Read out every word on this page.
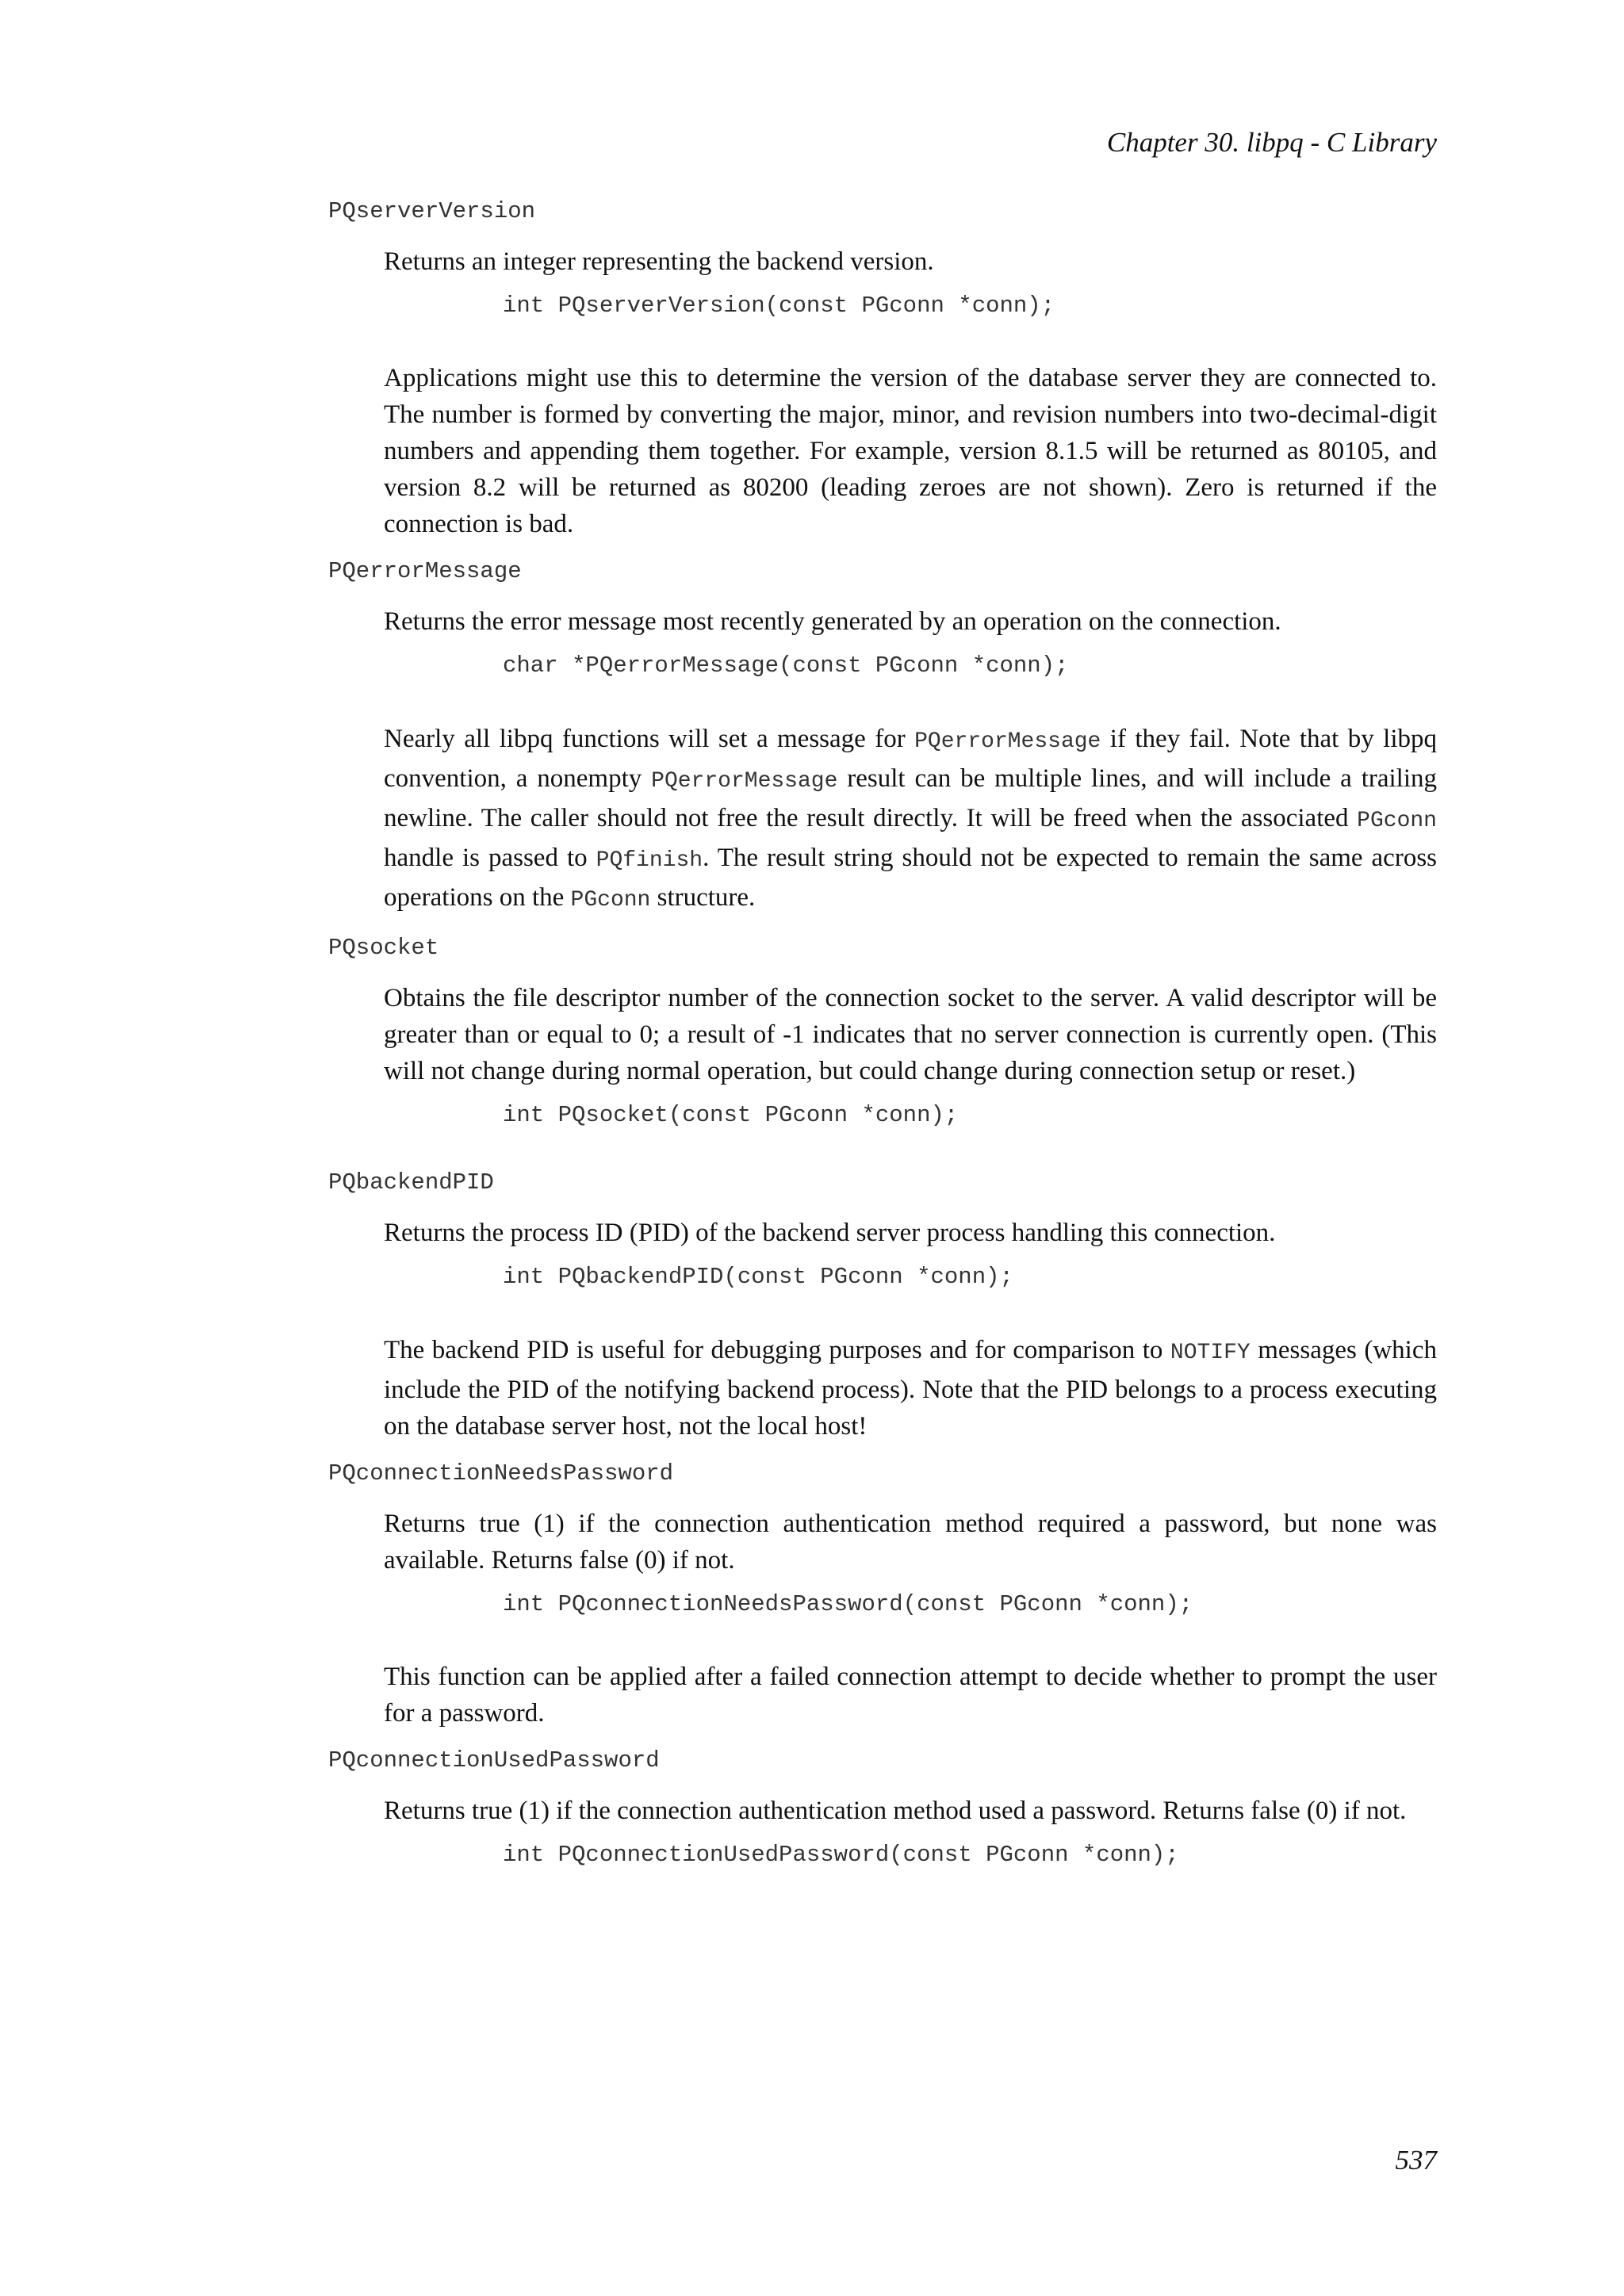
Chapter 30. libpq - C Library
PQserverVersion

Returns an integer representing the backend version.

int PQserverVersion(const PGconn *conn);

Applications might use this to determine the version of the database server they are connected to. The number is formed by converting the major, minor, and revision numbers into two-decimal-digit numbers and appending them together. For example, version 8.1.5 will be returned as 80105, and version 8.2 will be returned as 80200 (leading zeroes are not shown). Zero is returned if the connection is bad.

PQerrorMessage

Returns the error message most recently generated by an operation on the connection.

char *PQerrorMessage(const PGconn *conn);

Nearly all libpq functions will set a message for PQerrorMessage if they fail. Note that by libpq convention, a nonempty PQerrorMessage result can be multiple lines, and will include a trailing newline. The caller should not free the result directly. It will be freed when the associated PGconn handle is passed to PQfinish. The result string should not be expected to remain the same across operations on the PGconn structure.

PQsocket

Obtains the file descriptor number of the connection socket to the server. A valid descriptor will be greater than or equal to 0; a result of -1 indicates that no server connection is currently open. (This will not change during normal operation, but could change during connection setup or reset.)

int PQsocket(const PGconn *conn);
PQbackendPID

Returns the process ID (PID) of the backend server process handling this connection.

int PQbackendPID(const PGconn *conn);

The backend PID is useful for debugging purposes and for comparison to NOTIFY messages (which include the PID of the notifying backend process). Note that the PID belongs to a process executing on the database server host, not the local host!

PQconnectionNeedsPassword

Returns true (1) if the connection authentication method required a password, but none was available. Returns false (0) if not.

int PQconnectionNeedsPassword(const PGconn *conn);

This function can be applied after a failed connection attempt to decide whether to prompt the user for a password.

PQconnectionUsedPassword

Returns true (1) if the connection authentication method used a password. Returns false (0) if not.

int PQconnectionUsedPassword(const PGconn *conn);
537
